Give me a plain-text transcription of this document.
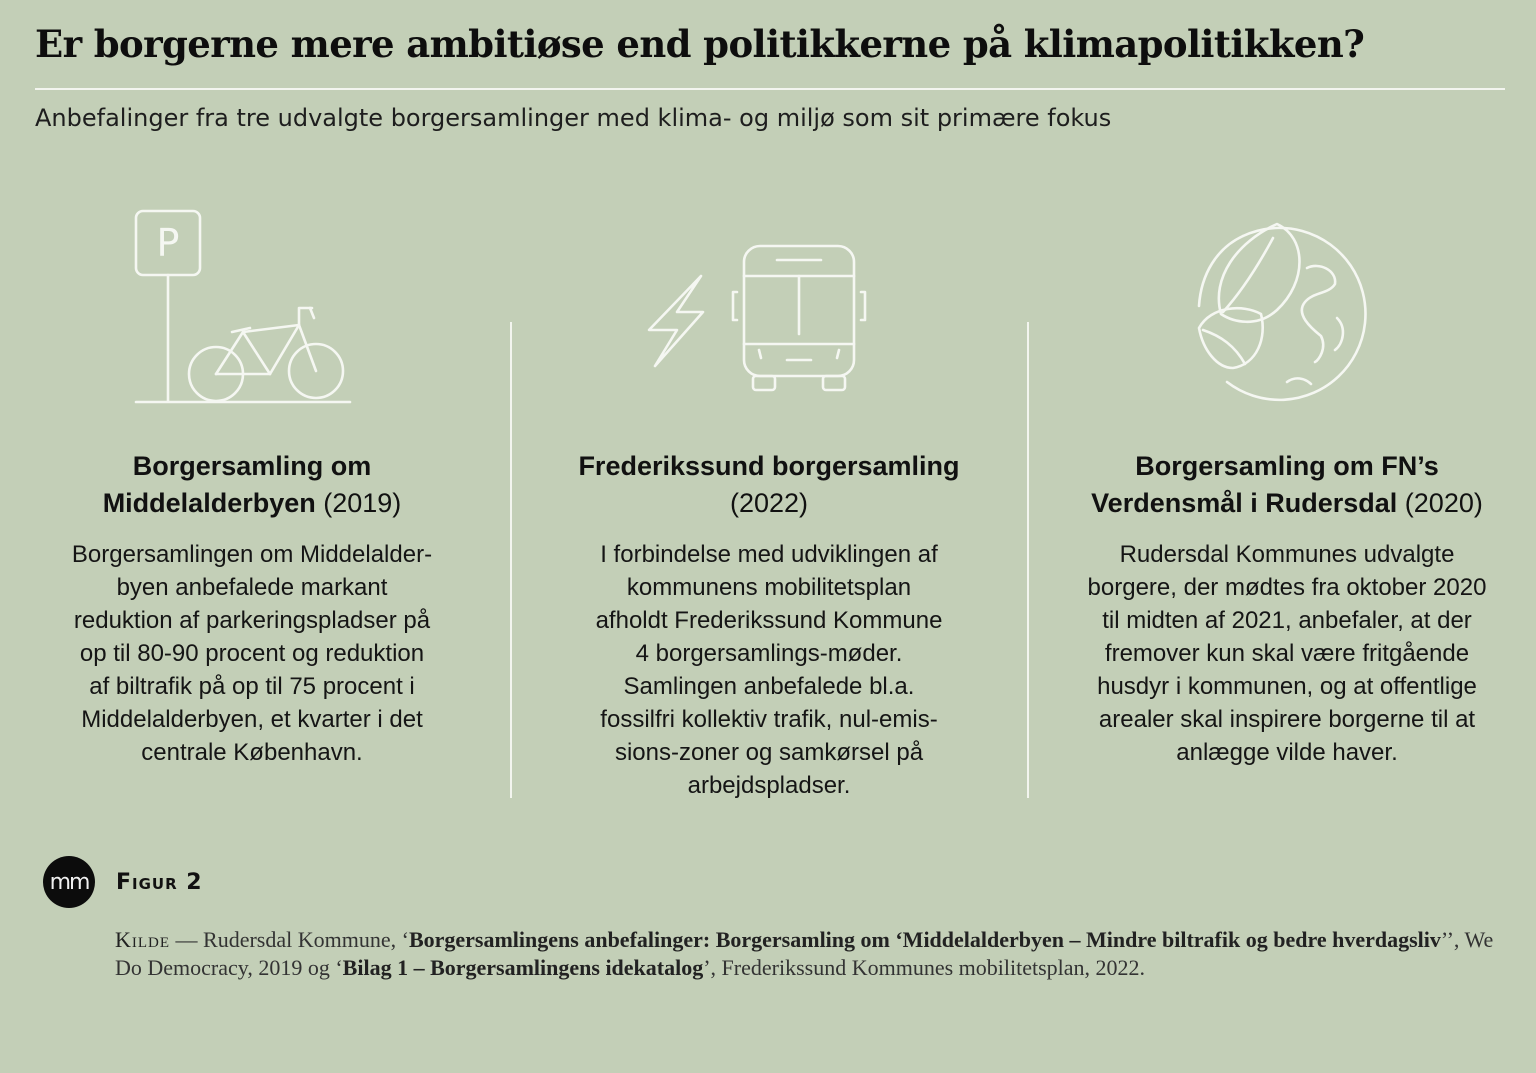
Er borgerne mere ambitiøse end politikkerne på klimapolitikken?
Anbefalinger fra tre udvalgte borgersamlinger med klima- og miljø som sit primære fokus
P
Borgersamling om
Middelalderbyen (2019)
Borgersamlingen om Middelalder-
byen anbefalede markant
reduktion af parkeringspladser på
op til 80-90 procent og reduktion
af biltrafik på op til 75 procent i
Middelalderbyen, et kvarter i det
centrale København.
Frederikssund borgersamling
(2022)
I forbindelse med udviklingen af
kommunens mobilitetsplan
afholdt Frederikssund Kommune
4 borgersamlings-møder.
Samlingen anbefalede bl.a.
fossilfri kollektiv trafik, nul-emis-
sions-zoner og samkørsel på
arbejdspladser.
Borgersamling om FN’s
Verdensmål i Rudersdal (2020)
Rudersdal Kommunes udvalgte
borgere, der mødtes fra oktober 2020
til midten af 2021, anbefaler, at der
fremover kun skal være fritgående
husdyr i kommunen, og at offentlige
arealer skal inspirere borgerne til at
anlægge vilde haver.
mm Figur 2
Kilde — Rudersdal Kommune, ‘Borgersamlingens anbefalinger: Borgersamling om ‘Middelalderbyen – Mindre biltrafik og bedre hverdagsliv’’, We Do Democracy, 2019 og ‘Bilag 1 – Borgersamlingens idekatalog’, Frederikssund Kommunes mobilitetsplan, 2022.
